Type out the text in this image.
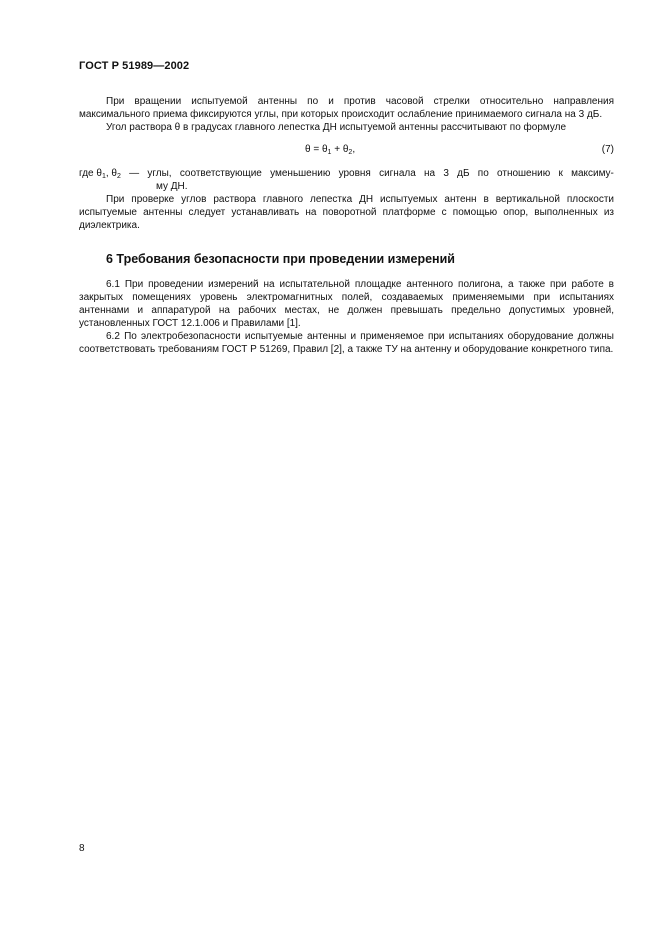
ГОСТ Р 51989—2002

При вращении испытуемой антенны по и против часовой стрелки относительно направления максимального приема фиксируются углы, при которых происходит ослабление принимаемого сигнала на 3 дБ.

Угол раствора θ в градусах главного лепестка ДН испытуемой антенны рассчитывают по формуле

$\theta = \theta_1 + \theta_2$,	(7)
где $\theta_1$, $\theta_2$ — углы, соответствующие уменьшению уровня сигнала на 3 дБ по отношению к максиму-
му ДН.

При проверке углов раствора главного лепестка ДН испытуемых антенн в вертикальной плоскости испытуемые антенны следует устанавливать на поворотной платформе с помощью опор, выполненных из диэлектрика.

6 Требования безопасности при проведении измерений

6.1 При проведении измерений на испытательной площадке антенного полигона, а также при работе в закрытых помещениях уровень электромагнитных полей, создаваемых применяемыми при испытаниях антеннами и аппаратурой на рабочих местах, не должен превышать предельно допустимых уровней, установленных ГОСТ 12.1.006 и Правилами [1].

6.2 По электробезопасности испытуемые антенны и применяемое при испытаниях оборудование должны соответствовать требованиям ГОСТ Р 51269, Правил [2], а также ТУ на антенну и оборудование конкретного типа.

8
